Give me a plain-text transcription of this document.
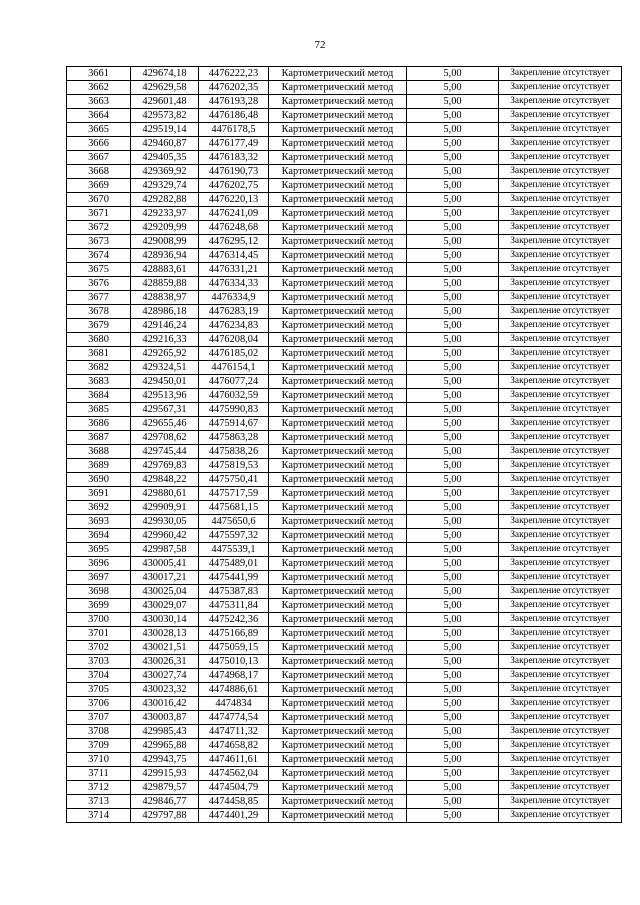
72
3661	429674,18	4476222,23	Картометрический метод	5,00	Закрепление отсутствует
3662	429629,58	4476202,35	Картометрический метод	5,00	Закрепление отсутствует
3663	429601,48	4476193,28	Картометрический метод	5,00	Закрепление отсутствует
3664	429573,82	4476186,48	Картометрический метод	5,00	Закрепление отсутствует
3665	429519,14	4476178,5	Картометрический метод	5,00	Закрепление отсутствует
3666	429460,87	4476177,49	Картометрический метод	5,00	Закрепление отсутствует
3667	429405,35	4476183,32	Картометрический метод	5,00	Закрепление отсутствует
3668	429369,92	4476190,73	Картометрический метод	5,00	Закрепление отсутствует
3669	429329,74	4476202,75	Картометрический метод	5,00	Закрепление отсутствует
3670	429282,88	4476220,13	Картометрический метод	5,00	Закрепление отсутствует
3671	429233,97	4476241,09	Картометрический метод	5,00	Закрепление отсутствует
3672	429209,99	4476248,68	Картометрический метод	5,00	Закрепление отсутствует
3673	429008,99	4476295,12	Картометрический метод	5,00	Закрепление отсутствует
3674	428936,94	4476314,45	Картометрический метод	5,00	Закрепление отсутствует
3675	428883,61	4476331,21	Картометрический метод	5,00	Закрепление отсутствует
3676	428859,88	4476334,33	Картометрический метод	5,00	Закрепление отсутствует
3677	428838,97	4476334,9	Картометрический метод	5,00	Закрепление отсутствует
3678	428986,18	4476283,19	Картометрический метод	5,00	Закрепление отсутствует
3679	429146,24	4476234,83	Картометрический метод	5,00	Закрепление отсутствует
3680	429216,33	4476208,04	Картометрический метод	5,00	Закрепление отсутствует
3681	429265,92	4476185,02	Картометрический метод	5,00	Закрепление отсутствует
3682	429324,51	4476154,1	Картометрический метод	5,00	Закрепление отсутствует
3683	429450,01	4476077,24	Картометрический метод	5,00	Закрепление отсутствует
3684	429513,96	4476032,59	Картометрический метод	5,00	Закрепление отсутствует
3685	429567,31	4475990,83	Картометрический метод	5,00	Закрепление отсутствует
3686	429655,46	4475914,67	Картометрический метод	5,00	Закрепление отсутствует
3687	429708,62	4475863,28	Картометрический метод	5,00	Закрепление отсутствует
3688	429745,44	4475838,26	Картометрический метод	5,00	Закрепление отсутствует
3689	429769,83	4475819,53	Картометрический метод	5,00	Закрепление отсутствует
3690	429848,22	4475750,41	Картометрический метод	5,00	Закрепление отсутствует
3691	429880,61	4475717,59	Картометрический метод	5,00	Закрепление отсутствует
3692	429909,91	4475681,15	Картометрический метод	5,00	Закрепление отсутствует
3693	429930,05	4475650,6	Картометрический метод	5,00	Закрепление отсутствует
3694	429960,42	4475597,32	Картометрический метод	5,00	Закрепление отсутствует
3695	429987,58	4475539,1	Картометрический метод	5,00	Закрепление отсутствует
3696	430005,41	4475489,01	Картометрический метод	5,00	Закрепление отсутствует
3697	430017,21	4475441,99	Картометрический метод	5,00	Закрепление отсутствует
3698	430025,04	4475387,83	Картометрический метод	5,00	Закрепление отсутствует
3699	430029,07	4475311,84	Картометрический метод	5,00	Закрепление отсутствует
3700	430030,14	4475242,36	Картометрический метод	5,00	Закрепление отсутствует
3701	430028,13	4475166,89	Картометрический метод	5,00	Закрепление отсутствует
3702	430021,51	4475059,15	Картометрический метод	5,00	Закрепление отсутствует
3703	430026,31	4475010,13	Картометрический метод	5,00	Закрепление отсутствует
3704	430027,74	4474968,17	Картометрический метод	5,00	Закрепление отсутствует
3705	430023,32	4474886,61	Картометрический метод	5,00	Закрепление отсутствует
3706	430016,42	4474834	Картометрический метод	5,00	Закрепление отсутствует
3707	430003,87	4474774,54	Картометрический метод	5,00	Закрепление отсутствует
3708	429985,43	4474711,32	Картометрический метод	5,00	Закрепление отсутствует
3709	429965,88	4474658,82	Картометрический метод	5,00	Закрепление отсутствует
3710	429943,75	4474611,61	Картометрический метод	5,00	Закрепление отсутствует
3711	429915,93	4474562,04	Картометрический метод	5,00	Закрепление отсутствует
3712	429879,57	4474504,79	Картометрический метод	5,00	Закрепление отсутствует
3713	429846,77	4474458,85	Картометрический метод	5,00	Закрепление отсутствует
3714	429797,88	4474401,29	Картометрический метод	5,00	Закрепление отсутствует
